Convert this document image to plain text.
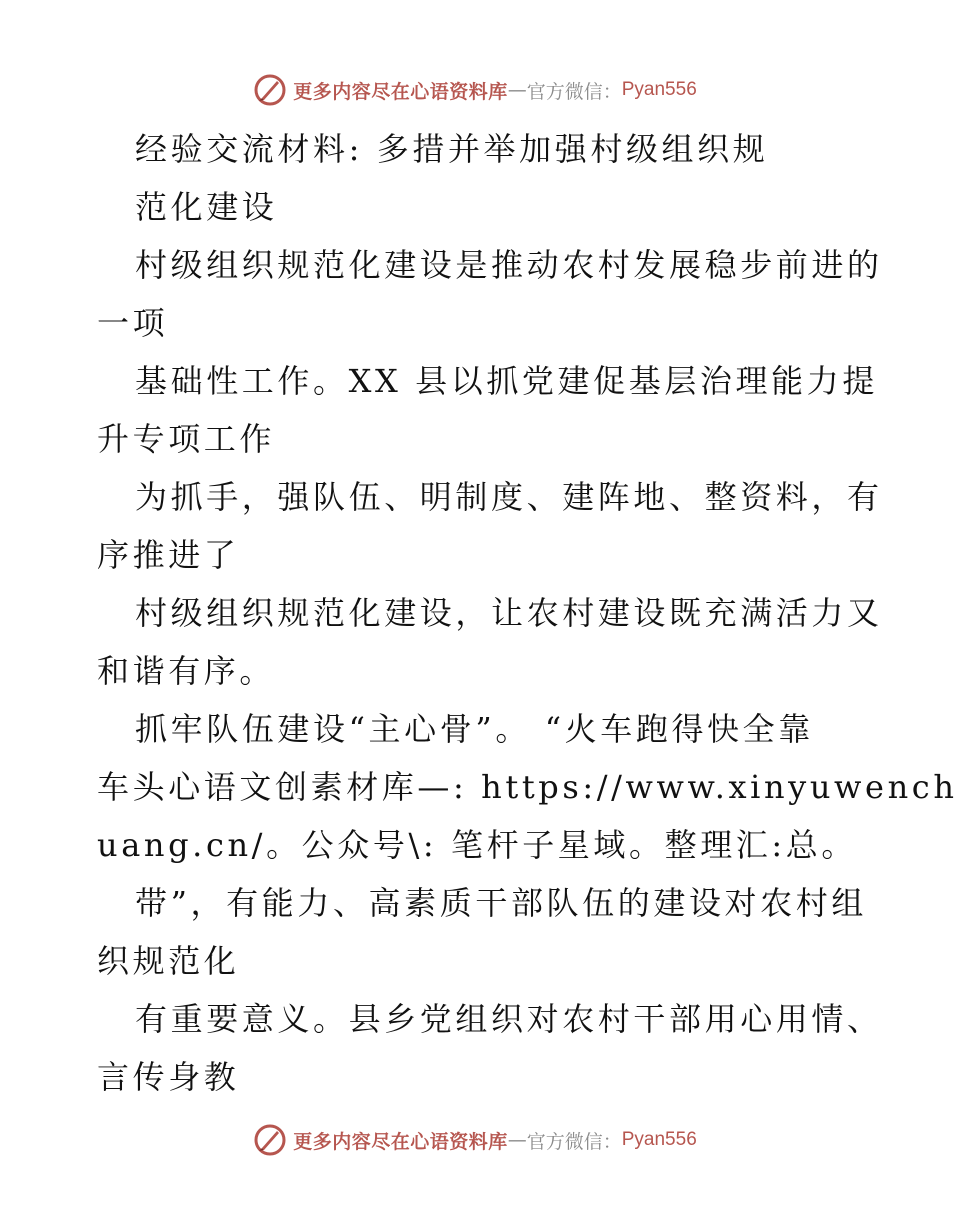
更多内容尽在心语资料库 — 官方微信： Pyan556
经验交流材料: 多措并举加强村级组织规
范化建设
村级组织规范化建设是推动农村发展稳步前进的
一项
基础性工作。XX 县以抓党建促基层治理能力提
升专项工作
为抓手，强队伍、明制度、建阵地、整资料，有
序推进了
村级组织规范化建设，让农村建设既充满活力又
和谐有序。
抓牢队伍建设“主心骨”。 “火车跑得快全靠
车头心语文创素材库—: https://www.xinyuwench
uang.cn/。公众号\: 笔杆子星域。整理汇:总。
带”，有能力、高素质干部队伍的建设对农村组
织规范化
有重要意义。县乡党组织对农村干部用心用情、
言传身教
更多内容尽在心语资料库 — 官方微信： Pyan556
